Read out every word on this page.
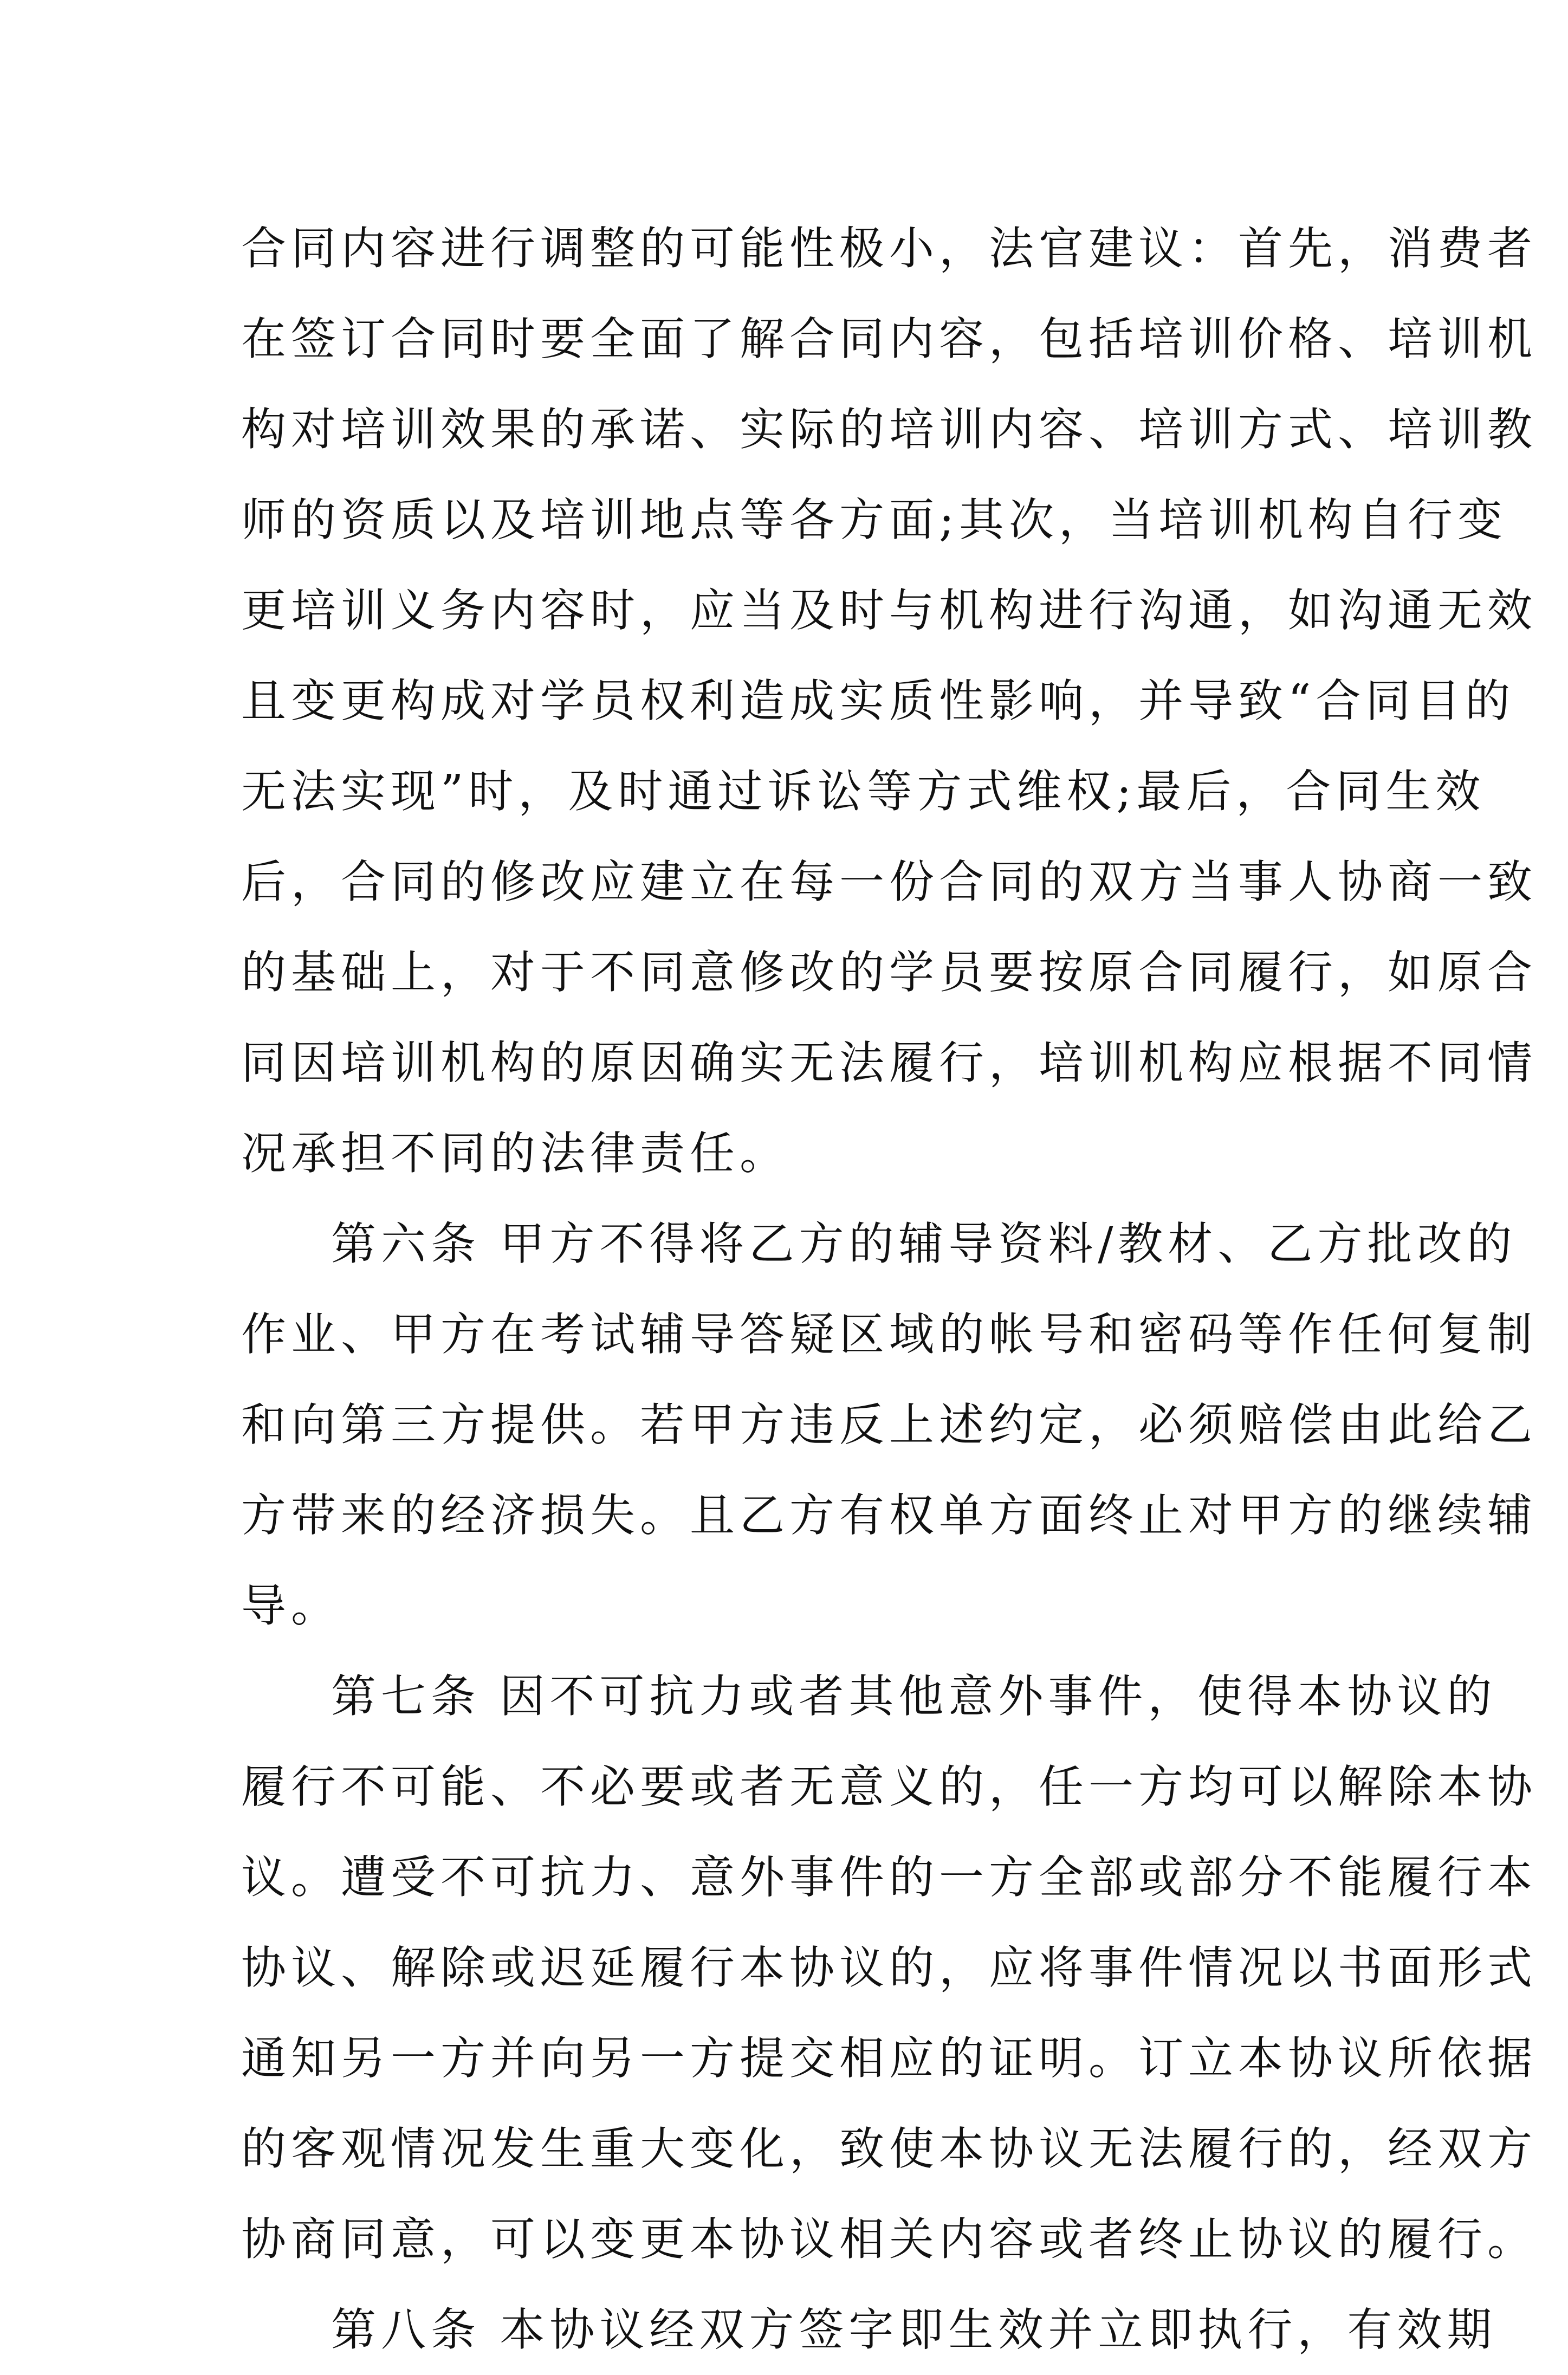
合同内容进行调整的可能性极小，法官建议：首先，消费者
在签订合同时要全面了解合同内容，包括培训价格、培训机
构对培训效果的承诺、实际的培训内容、培训方式、培训教
师的资质以及培训地点等各方面;其次，当培训机构自行变
更培训义务内容时，应当及时与机构进行沟通，如沟通无效
且变更构成对学员权利造成实质性影响，并导致“合同目的
无法实现”时，及时通过诉讼等方式维权;最后，合同生效
后，合同的修改应建立在每一份合同的双方当事人协商一致
的基础上，对于不同意修改的学员要按原合同履行，如原合
同因培训机构的原因确实无法履行，培训机构应根据不同情
况承担不同的法律责任。
第六条 甲方不得将乙方的辅导资料/教材、乙方批改的
作业、甲方在考试辅导答疑区域的帐号和密码等作任何复制
和向第三方提供。若甲方违反上述约定，必须赔偿由此给乙
方带来的经济损失。且乙方有权单方面终止对甲方的继续辅
导。
第七条 因不可抗力或者其他意外事件，使得本协议的
履行不可能、不必要或者无意义的，任一方均可以解除本协
议。遭受不可抗力、意外事件的一方全部或部分不能履行本
协议、解除或迟延履行本协议的，应将事件情况以书面形式
通知另一方并向另一方提交相应的证明。订立本协议所依据
的客观情况发生重大变化，致使本协议无法履行的，经双方
协商同意，可以变更本协议相关内容或者终止协议的履行。
第八条 本协议经双方签字即生效并立即执行，有效期
